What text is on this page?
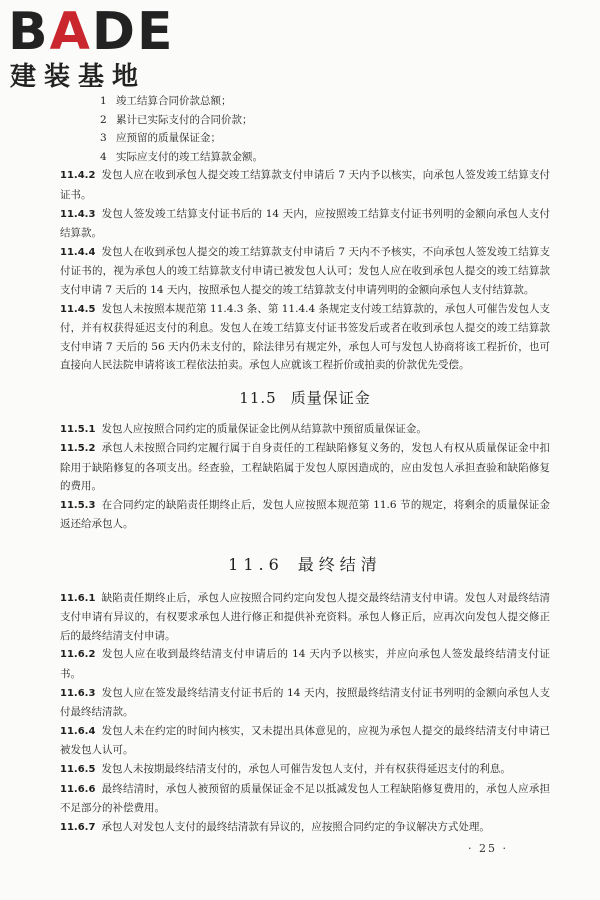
BADE
建装基地
1 竣工结算合同价款总额；
2 累计已实际支付的合同价款；
3 应预留的质量保证金；
4 实际应支付的竣工结算款金额。

11.4.2 发包人应在收到承包人提交竣工结算款支付申请后 7 天内予以核实，向承包人签发竣工结算支付证书。

11.4.3 发包人签发竣工结算支付证书后的 14 天内，应按照竣工结算支付证书列明的金额向承包人支付结算款。

11.4.4 发包人在收到承包人提交的竣工结算款支付申请后 7 天内不予核实，不向承包人签发竣工结算支付证书的，视为承包人的竣工结算款支付申请已被发包人认可；发包人应在收到承包人提交的竣工结算款支付申请 7 天后的 14 天内，按照承包人提交的竣工结算款支付申请列明的金额向承包人支付结算款。

11.4.5 发包人未按照本规范第 11.4.3 条、第 11.4.4 条规定支付竣工结算款的，承包人可催告发包人支付，并有权获得延迟支付的利息。发包人在竣工结算支付证书签发后或者在收到承包人提交的竣工结算款支付申请 7 天后的 56 天内仍未支付的，除法律另有规定外，承包人可与发包人协商将该工程折价，也可直接向人民法院申请将该工程依法拍卖。承包人应就该工程折价或拍卖的价款优先受偿。

11.5 质量保证金

11.5.1 发包人应按照合同约定的质量保证金比例从结算款中预留质量保证金。

11.5.2 承包人未按照合同约定履行属于自身责任的工程缺陷修复义务的，发包人有权从质量保证金中扣除用于缺陷修复的各项支出。经查验，工程缺陷属于发包人原因造成的，应由发包人承担查验和缺陷修复的费用。

11.5.3 在合同约定的缺陷责任期终止后，发包人应按照本规范第 11.6 节的规定，将剩余的质量保证金返还给承包人。

11.6 最终结清

11.6.1 缺陷责任期终止后，承包人应按照合同约定向发包人提交最终结清支付申请。发包人对最终结清支付申请有异议的，有权要求承包人进行修正和提供补充资料。承包人修正后，应再次向发包人提交修正后的最终结清支付申请。

11.6.2 发包人应在收到最终结清支付申请后的 14 天内予以核实，并应向承包人签发最终结清支付证书。

11.6.3 发包人应在签发最终结清支付证书后的 14 天内，按照最终结清支付证书列明的金额向承包人支付最终结清款。

11.6.4 发包人未在约定的时间内核实，又未提出具体意见的，应视为承包人提交的最终结清支付申请已被发包人认可。

11.6.5 发包人未按期最终结清支付的，承包人可催告发包人支付，并有权获得延迟支付的利息。

11.6.6 最终结清时，承包人被预留的质量保证金不足以抵减发包人工程缺陷修复费用的，承包人应承担不足部分的补偿费用。

11.6.7 承包人对发包人支付的最终结清款有异议的，应按照合同约定的争议解决方式处理。

· 25 ·
